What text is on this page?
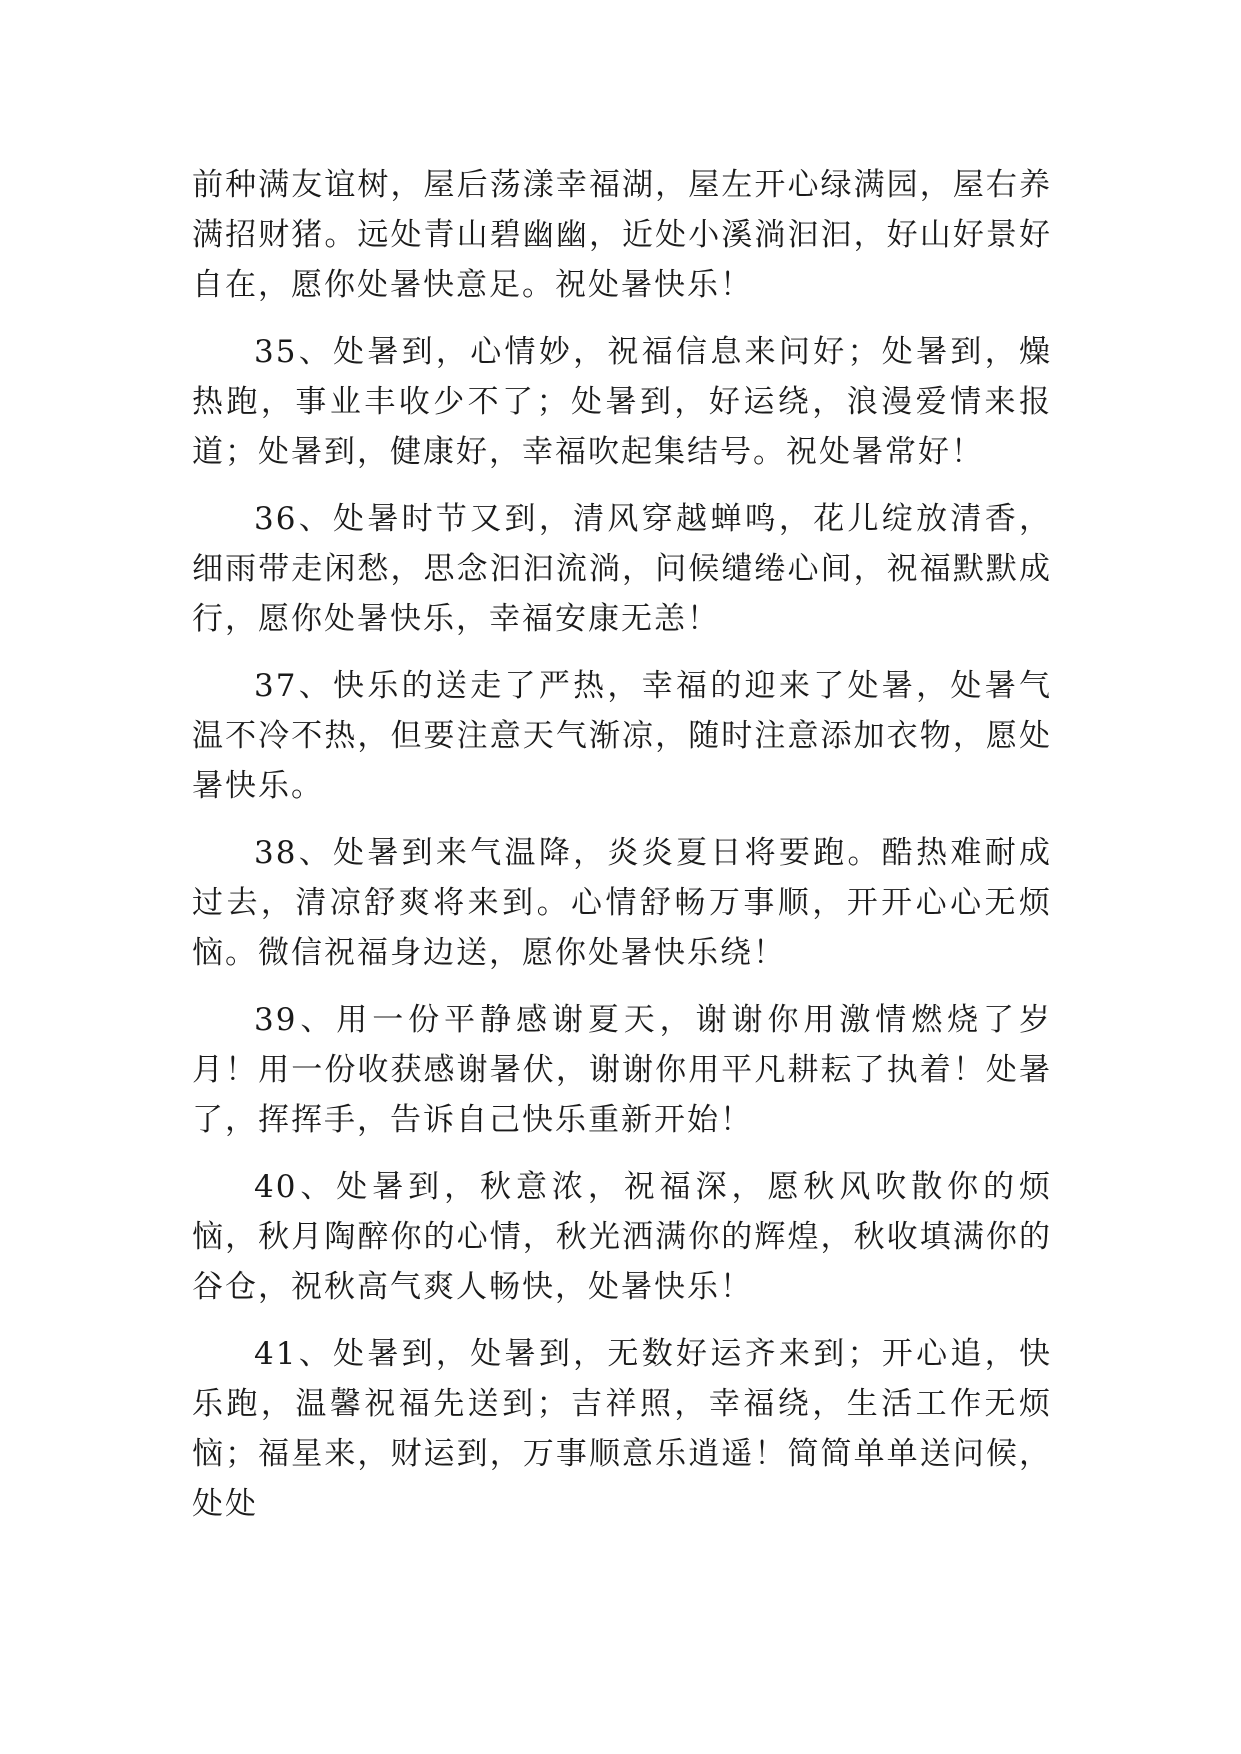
前种满友谊树，屋后荡漾幸福湖，屋左开心绿满园，屋右养满招财猪。远处青山碧幽幽，近处小溪淌汩汩，好山好景好自在，愿你处暑快意足。祝处暑快乐！

35、处暑到，心情妙，祝福信息来问好；处暑到，燥热跑，事业丰收少不了；处暑到，好运绕，浪漫爱情来报道；处暑到，健康好，幸福吹起集结号。祝处暑常好！

36、处暑时节又到，清风穿越蝉鸣，花儿绽放清香，细雨带走闲愁，思念汩汩流淌，问候缱绻心间，祝福默默成行，愿你处暑快乐，幸福安康无恙！

37、快乐的送走了严热，幸福的迎来了处暑，处暑气温不冷不热，但要注意天气渐凉，随时注意添加衣物，愿处暑快乐。

38、处暑到来气温降，炎炎夏日将要跑。酷热难耐成过去，清凉舒爽将来到。心情舒畅万事顺，开开心心无烦恼。微信祝福身边送，愿你处暑快乐绕！

39、用一份平静感谢夏天，谢谢你用激情燃烧了岁月！用一份收获感谢暑伏，谢谢你用平凡耕耘了执着！处暑了，挥挥手，告诉自己快乐重新开始！

40、处暑到，秋意浓，祝福深，愿秋风吹散你的烦恼，秋月陶醉你的心情，秋光洒满你的辉煌，秋收填满你的谷仓，祝秋高气爽人畅快，处暑快乐！

41、处暑到，处暑到，无数好运齐来到；开心追，快乐跑，温馨祝福先送到；吉祥照，幸福绕，生活工作无烦恼；福星来，财运到，万事顺意乐逍遥！简简单单送问候，处处
